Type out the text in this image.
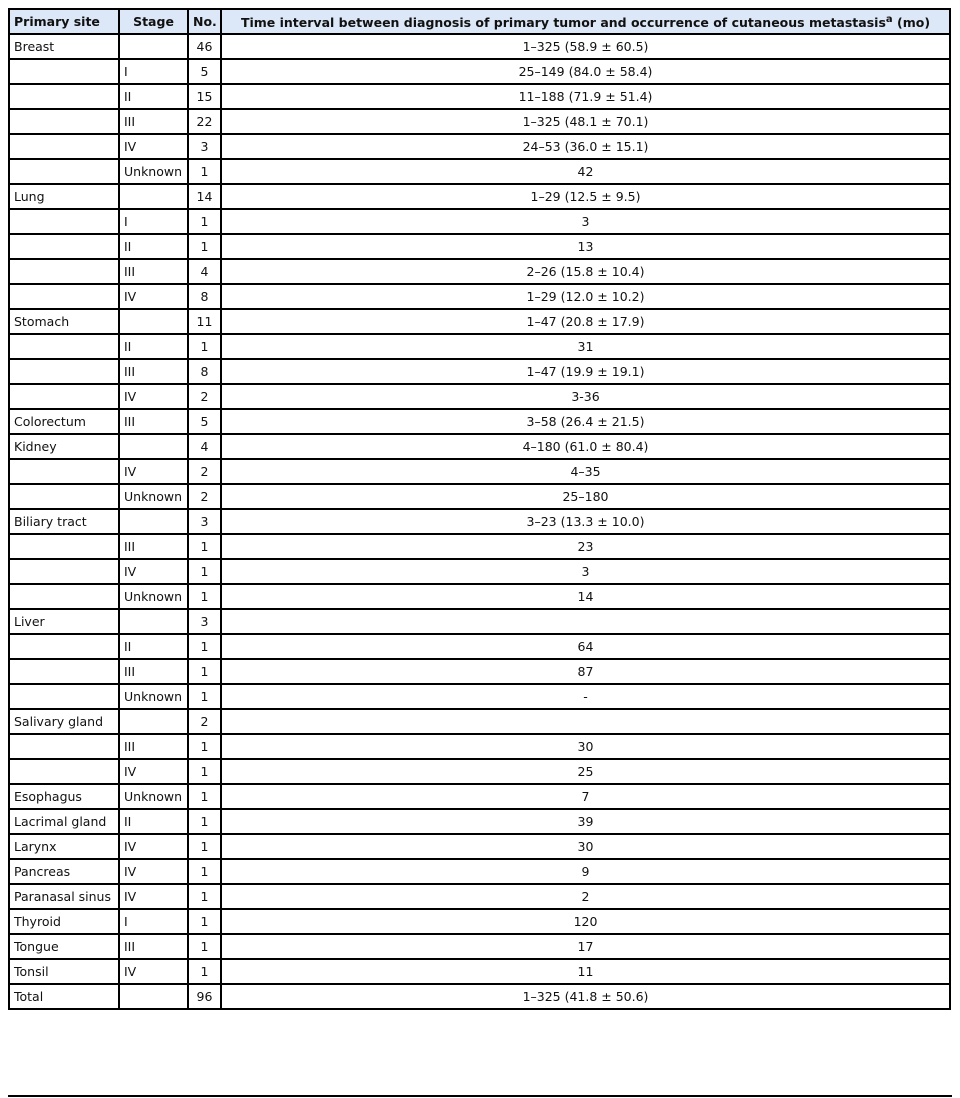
Primary site	Stage	No.	Time interval between diagnosis of primary tumor and occurrence of cutaneous metastasis$^a$ (mo)
Breast		46	1–325 (58.9 ± 60.5)
	I	5	25–149 (84.0 ± 58.4)
	II	15	11–188 (71.9 ± 51.4)
	III	22	1–325 (48.1 ± 70.1)
	IV	3	24–53 (36.0 ± 15.1)
	Unknown	1	42
Lung		14	1–29 (12.5 ± 9.5)
	I	1	3
	II	1	13
	III	4	2–26 (15.8 ± 10.4)
	IV	8	1–29 (12.0 ± 10.2)
Stomach		11	1–47 (20.8 ± 17.9)
	II	1	31
	III	8	1–47 (19.9 ± 19.1)
	IV	2	3-36
Colorectum	III	5	3–58 (26.4 ± 21.5)
Kidney		4	4–180 (61.0 ± 80.4)
	IV	2	4–35
	Unknown	2	25–180
Biliary tract		3	3–23 (13.3 ± 10.0)
	III	1	23
	IV	1	3
	Unknown	1	14
Liver		3	
	II	1	64
	III	1	87
	Unknown	1	-
Salivary gland		2	
	III	1	30
	IV	1	25
Esophagus	Unknown	1	7
Lacrimal gland	II	1	39
Larynx	IV	1	30
Pancreas	IV	1	9
Paranasal sinus	IV	1	2
Thyroid	I	1	120
Tongue	III	1	17
Tonsil	IV	1	11
Total		96	1–325 (41.8 ± 50.6)
